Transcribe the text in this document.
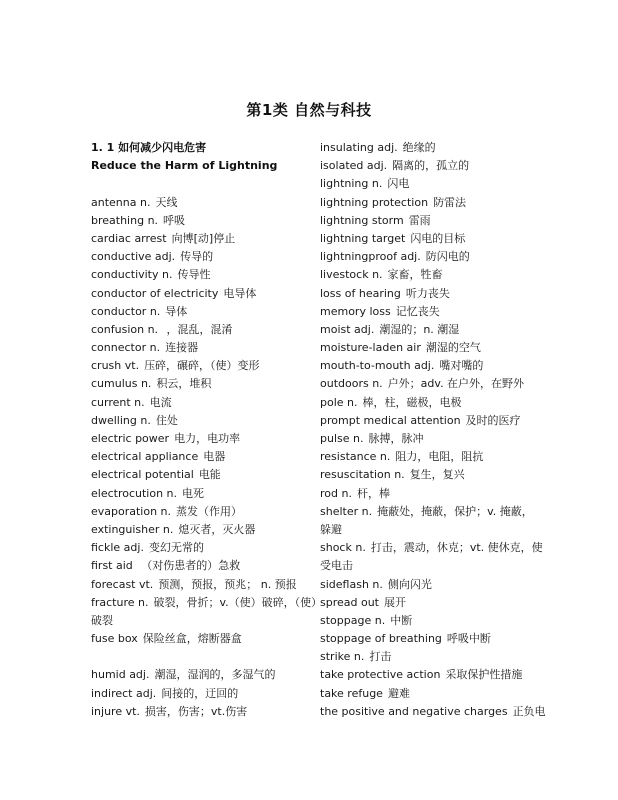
第1类 自然与科技
1. 1 如何减少闪电危害
Reduce the Harm of Lightning
antenna n. 天线
breathing n. 呼吸
cardiac arrest 向博[动]停止
conductive adj. 传导的
conductivity n. 传导性
conductor of electricity 电导体
conductor n. 导体
confusion n. ，混乱，混淆
connector n. 连接器
crush vt. 压碎，碾碎，（使）变形
cumulus n. 积云，堆积
current n. 电流
dwelling n. 住处
electric power 电力，电功率
electrical appliance 电器
electrical potential 电能
electrocution n. 电死
evaporation n. 蒸发（作用）
extinguisher n. 熄灭者，灭火器
fickle adj. 变幻无常的
first aid （对伤患者的）急救
forecast vt. 预测，预报，预兆； n. 预报
fracture n. 破裂，骨折；v.（使）破碎，（使）
破裂
fuse box 保险丝盒，熔断器盒
humid adj. 潮湿，湿润的，多湿气的
indirect adj. 间接的，迂回的
injure vt. 损害，伤害；vt.伤害
insulating adj. 绝缘的
isolated adj. 隔离的，孤立的
lightning n. 闪电
lightning protection 防雷法
lightning storm 雷雨
lightning target 闪电的目标
lightningproof adj. 防闪电的
livestock n. 家畜，牲畜
loss of hearing 听力丧失
memory loss 记忆丧失
moist adj. 潮湿的；n. 潮湿
moisture-laden air 潮湿的空气
mouth-to-mouth adj. 嘴对嘴的
outdoors n. 户外；adv. 在户外，在野外
pole n. 棒，柱，磁极，电极
prompt medical attention 及时的医疗
pulse n. 脉搏，脉冲
resistance n. 阻力，电阻，阻抗
resuscitation n. 复生，复兴
rod n. 杆，棒
shelter n. 掩蔽处，掩蔽，保护；v. 掩蔽，
躲避
shock n. 打击，震动，休克；vt. 使休克，使
受电击
sideflash n. 侧向闪光
spread out 展开
stoppage n. 中断
stoppage of breathing 呼吸中断
strike n. 打击
take protective action 采取保护性措施
take refuge 避难
the positive and negative charges 正负电
